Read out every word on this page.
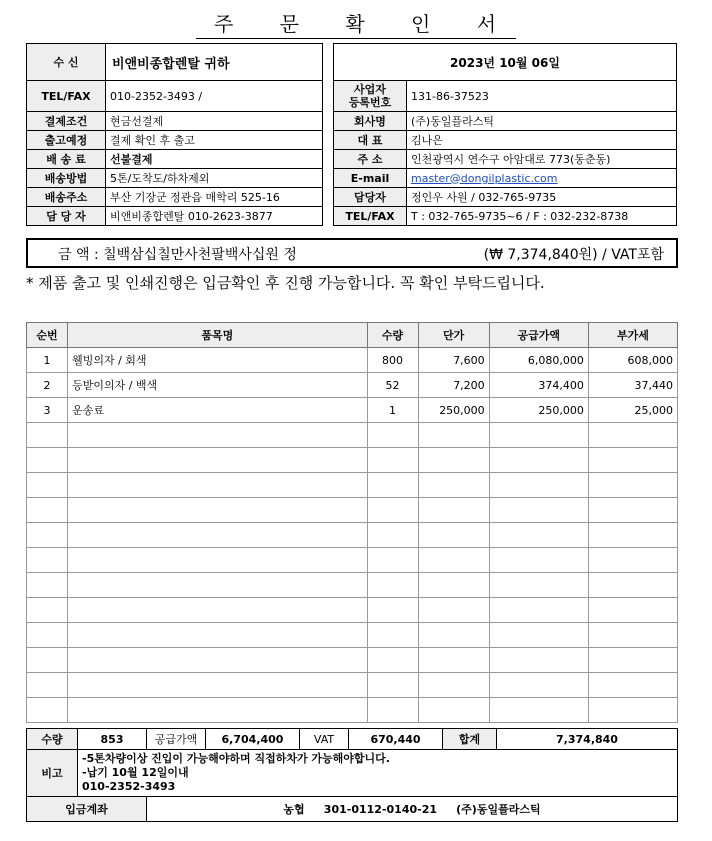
주 문 확 인 서
수 신	비앤비종합렌탈 귀하
TEL/FAX	010-2352-3493 /
결제조건	현금선결제
출고예정	결제 확인 후 출고
배 송 료	선불결제
배송방법	5톤/도착도/하차제외
배송주소	부산 기장군 정관읍 매학리 525-16
담 당 자	비앤비종합렌탈 010-2623-3877
2023년 10월 06일	
사업자
등록번호	131-86-37523
회사명	(주)동일플라스틱
대 표	김나은
주 소	인천광역시 연수구 아암대로 773(동춘동)
E-mail	master@dongilplastic.com
담당자	정인우 사원 / 032-765-9735
TEL/FAX	T : 032-765-9735~6 / F : 032-232-8738
금 액 : 칠백삼십칠만사천팔백사십원 정	(₩ 7,374,840원) / VAT포함
* 제품 출고 및 인쇄진행은 입금확인 후 진행 가능합니다. 꼭 확인 부탁드립니다.
순번	품목명	수량	단가	공급가액	부가세
1	웰빙의자 / 회색	800	7,600	6,080,000	608,000
2	등받이의자 / 백색	52	7,200	374,400	37,440
3	운송료	1	250,000	250,000	25,000

수량	853	공급가액	6,704,400	VAT	670,440	합계	7,374,840
비고	-5톤차량이상 진입이 가능해야하며 직접하차가 가능해야합니다.
-납기 10월 12일이내
010-2352-3493						

입금계좌		농협     301-0112-0140-21     (주)동일플라스틱					
